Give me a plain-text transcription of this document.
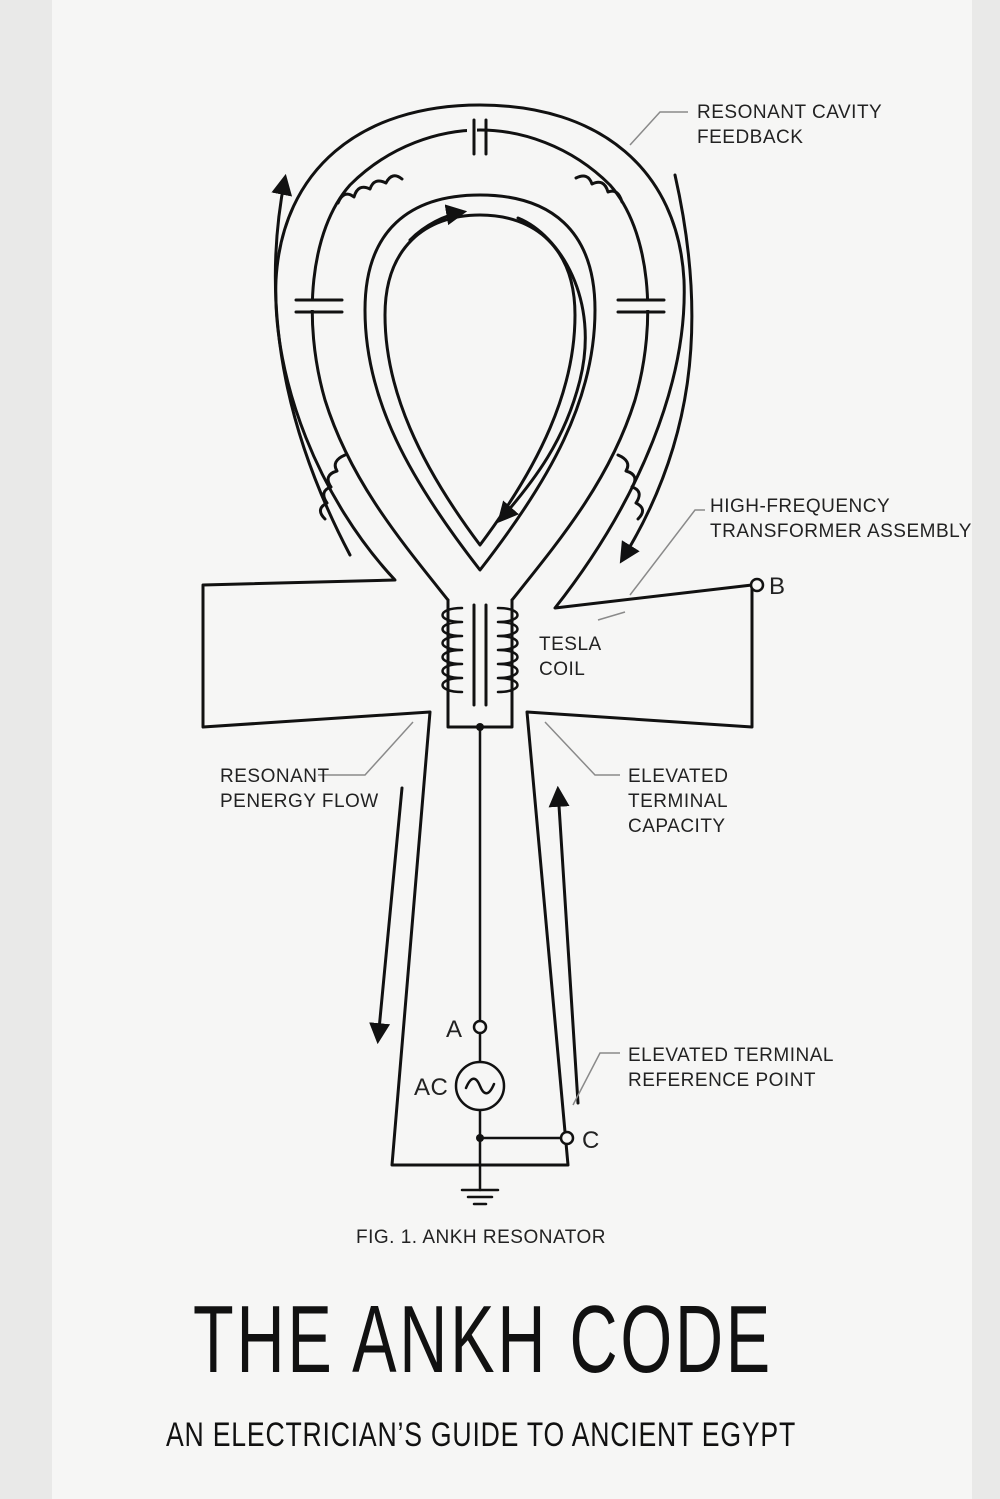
RESONANT CAVITY
FEEDBACK
HIGH-FREQUENCY
TRANSFORMER ASSEMBLY
TESLA
COIL
RESONANT
PENERGY FLOW
ELEVATED
TERMINAL
CAPACITY
ELEVATED TERMINAL
REFERENCE POINT
A
B
C
AC
FIG. 1. ANKH RESONATOR
THE ANKH CODE
AN ELECTRICIAN’S GUIDE TO ANCIENT EGYPT
